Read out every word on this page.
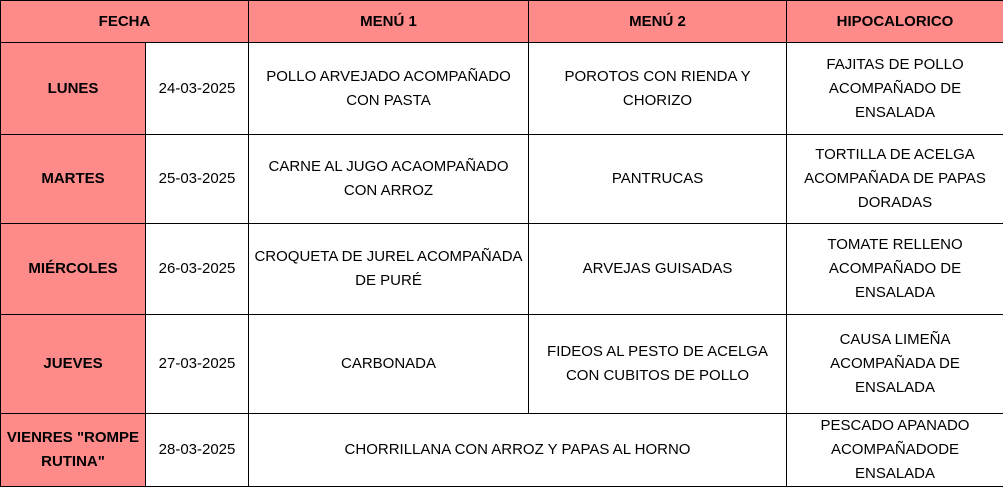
FECHA		MENÚ 1	MENÚ 2	HIPOCALORICO
LUNES	24-03-2025	POLLO ARVEJADO ACOMPAÑADO CON PASTA	POROTOS CON RIENDA Y CHORIZO	FAJITAS DE POLLO ACOMPAÑADO DE ENSALADA
MARTES	25-03-2025	CARNE AL JUGO ACAOMPAÑADO CON ARROZ	PANTRUCAS	TORTILLA DE ACELGA ACOMPAÑADA DE PAPAS DORADAS
MIÉRCOLES	26-03-2025	CROQUETA DE JUREL ACOMPAÑADA DE PURÉ	ARVEJAS GUISADAS	TOMATE RELLENO ACOMPAÑADO DE ENSALADA
JUEVES	27-03-2025	CARBONADA	FIDEOS AL PESTO DE ACELGA CON CUBITOS DE POLLO	CAUSA LIMEÑA ACOMPAÑADA DE ENSALADA
VIENRES "ROMPE RUTINA"	28-03-2025	CHORRILLANA CON ARROZ Y PAPAS AL HORNO		PESCADO APANADO ACOMPAÑADODE ENSALADA
